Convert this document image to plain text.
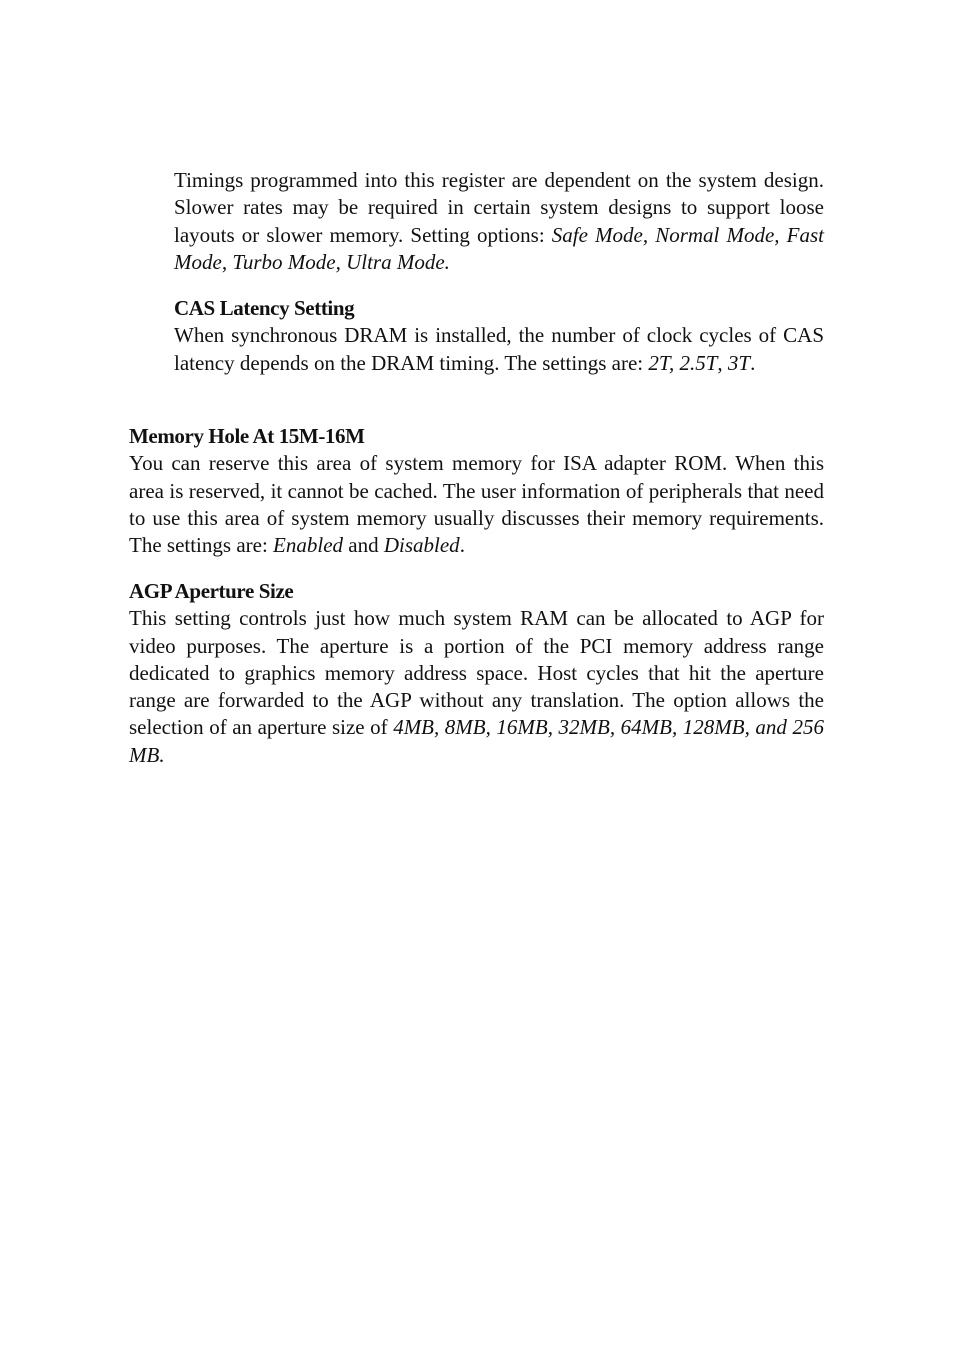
Timings programmed into this register are dependent on the system design. Slower rates may be required in certain system designs to support loose layouts or slower memory. Setting options: Safe Mode, Normal Mode, Fast Mode, Turbo Mode, Ultra Mode.

CAS Latency Setting
When synchronous DRAM is installed, the number of clock cycles of CAS latency depends on the DRAM timing. The settings are: 2T, 2.5T, 3T.
Memory Hole At 15M-16M
You can reserve this area of system memory for ISA adapter ROM. When this area is reserved, it cannot be cached. The user information of peripherals that need to use this area of system memory usually discusses their memory requirements. The settings are: Enabled and Disabled.
AGP Aperture Size
This setting controls just how much system RAM can be allocated to AGP for video purposes. The aperture is a portion of the PCI memory address range dedicated to graphics memory address space. Host cycles that hit the aperture range are forwarded to the AGP without any translation. The option allows the selection of an aperture size of 4MB, 8MB, 16MB, 32MB, 64MB, 128MB, and 256 MB.
